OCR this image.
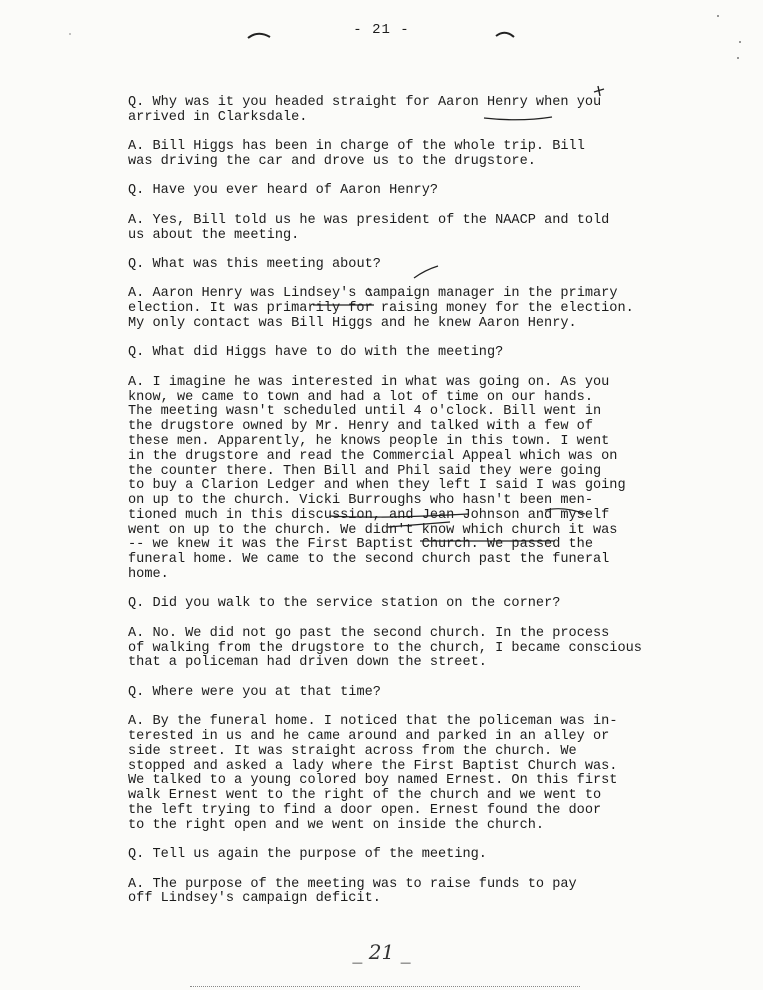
- 21 -

Q. Why was it you headed straight for Aaron Henry when you
arrived in Clarksdale.

A. Bill Higgs has been in charge of the whole trip. Bill
was driving the car and drove us to the drugstore.

Q. Have you ever heard of Aaron Henry?

A. Yes, Bill told us he was president of the NAACP and told
us about the meeting.

Q. What was this meeting about?

A. Aaron Henry was Lindsey's campaign manager in the primary
election. It was primarily for raising money for the election.
My only contact was Bill Higgs and he knew Aaron Henry.

Q. What did Higgs have to do with the meeting?

A. I imagine he was interested in what was going on. As you
know, we came to town and had a lot of time on our hands.
The meeting wasn't scheduled until 4 o'clock. Bill went in
the drugstore owned by Mr. Henry and talked with a few of
these men. Apparently, he knows people in this town. I went
in the drugstore and read the Commercial Appeal which was on
the counter there. Then Bill and Phil said they were going
to buy a Clarion Ledger and when they left I said I was going
on up to the church. Vicki Burroughs who hasn't been men-
tioned much in this discussion, and Jean Johnson and myself
went on up to the church. We didn't know which church it was
-- we knew it was the First Baptist Church. We passed the
funeral home. We came to the second church past the funeral
home.

Q. Did you walk to the service station on the corner?

A. No. We did not go past the second church. In the process
of walking from the drugstore to the church, I became conscious
that a policeman had driven down the street.

Q. Where were you at that time?

A. By the funeral home. I noticed that the policeman was in-
terested in us and he came around and parked in an alley or
side street. It was straight across from the church. We
stopped and asked a lady where the First Baptist Church was.
We talked to a young colored boy named Ernest. On this first
walk Ernest went to the right of the church and we went to
the left trying to find a door open. Ernest found the door
to the right open and we went on inside the church.

Q. Tell us again the purpose of the meeting.

A. The purpose of the meeting was to raise funds to pay
off Lindsey's campaign deficit.

_ 21 _
